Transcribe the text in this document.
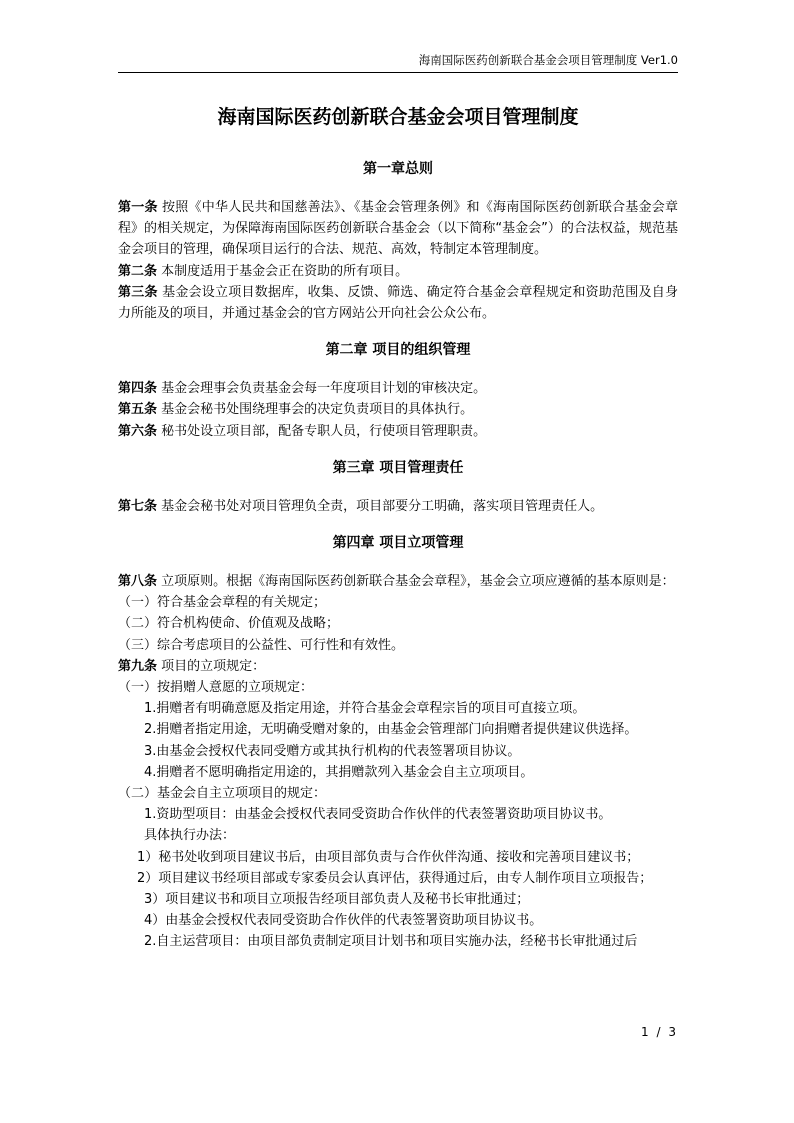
海南国际医药创新联合基金会项目管理制度 Ver1.0
海南国际医药创新联合基金会项目管理制度
第一章总则

第一条 按照《中华人民共和国慈善法》、《基金会管理条例》和《海南国际医药创新联合基金会章程》的相关规定，为保障海南国际医药创新联合基金会（以下简称“基金会”）的合法权益，规范基金会项目的管理，确保项目运行的合法、规范、高效，特制定本管理制度。

第二条 本制度适用于基金会正在资助的所有项目。

第三条 基金会设立项目数据库，收集、反馈、筛选、确定符合基金会章程规定和资助范围及自身力所能及的项目，并通过基金会的官方网站公开向社会公众公布。

第二章 项目的组织管理

第四条 基金会理事会负责基金会每一年度项目计划的审核决定。

第五条 基金会秘书处围绕理事会的决定负责项目的具体执行。

第六条 秘书处设立项目部，配备专职人员，行使项目管理职责。

第三章 项目管理责任

第七条 基金会秘书处对项目管理负全责，项目部要分工明确，落实项目管理责任人。

第四章 项目立项管理

第八条 立项原则。根据《海南国际医药创新联合基金会章程》，基金会立项应遵循的基本原则是：

（一）符合基金会章程的有关规定；

（二）符合机构使命、价值观及战略；

（三）综合考虑项目的公益性、可行性和有效性。

第九条 项目的立项规定：

（一）按捐赠人意愿的立项规定：

1.捐赠者有明确意愿及指定用途，并符合基金会章程宗旨的项目可直接立项。

2.捐赠者指定用途，无明确受赠对象的，由基金会管理部门向捐赠者提供建议供选择。

3.由基金会授权代表同受赠方或其执行机构的代表签署项目协议。

4.捐赠者不愿明确指定用途的，其捐赠款列入基金会自主立项项目。

（二）基金会自主立项项目的规定：

1.资助型项目：由基金会授权代表同受资助合作伙伴的代表签署资助项目协议书。

具体执行办法：

1）秘书处收到项目建议书后，由项目部负责与合作伙伴沟通、接收和完善项目建议书；

2）项目建议书经项目部或专家委员会认真评估，获得通过后，由专人制作项目立项报告；

3）项目建议书和项目立项报告经项目部负责人及秘书长审批通过；

4）由基金会授权代表同受资助合作伙伴的代表签署资助项目协议书。

2.自主运营项目：由项目部负责制定项目计划书和项目实施办法，经秘书长审批通过后

1 / 3
